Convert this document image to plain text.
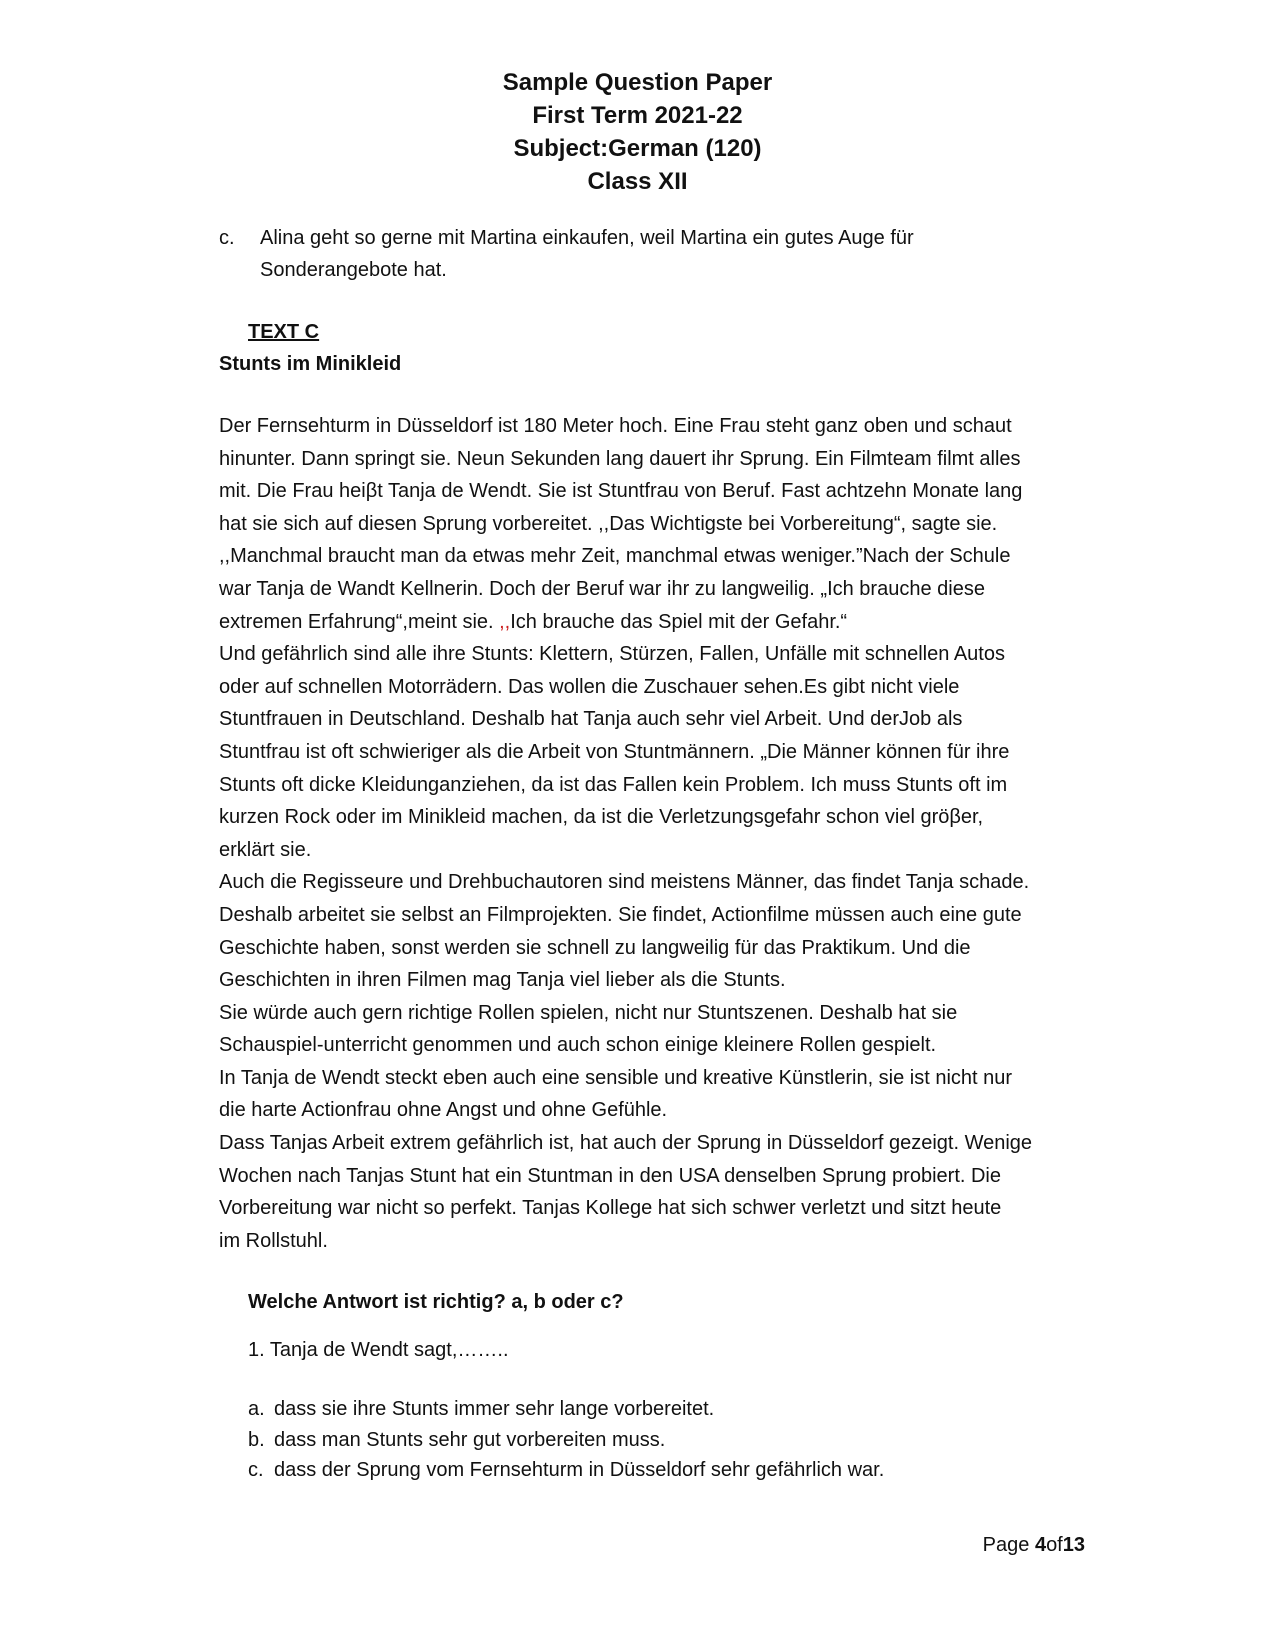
Sample Question Paper
First Term 2021-22
Subject:German (120)
Class XII
c. Alina geht so gerne mit Martina einkaufen, weil Martina ein gutes Auge für
Sonderangebote hat.
TEXT C
Stunts im Minikleid

Der Fernsehturm in Düsseldorf ist 180 Meter hoch. Eine Frau steht ganz oben und schaut

hinunter. Dann springt sie. Neun Sekunden lang dauert ihr Sprung. Ein Filmteam filmt alles

mit. Die Frau heiβt Tanja de Wendt. Sie ist Stuntfrau von Beruf. Fast achtzehn Monate lang

hat sie sich auf diesen Sprung vorbereitet. ,,Das Wichtigste bei Vorbereitung“, sagte sie.

,,Manchmal braucht man da etwas mehr Zeit, manchmal etwas weniger.”Nach der Schule

war Tanja de Wandt Kellnerin. Doch der Beruf war ihr zu langweilig. „Ich brauche diese

extremen Erfahrung“,meint sie. ,,Ich brauche das Spiel mit der Gefahr.“

Und gefährlich sind alle ihre Stunts: Klettern, Stürzen, Fallen, Unfälle mit schnellen Autos

oder auf schnellen Motorrädern. Das wollen die Zuschauer sehen.Es gibt nicht viele

Stuntfrauen in Deutschland. Deshalb hat Tanja auch sehr viel Arbeit. Und derJob als

Stuntfrau ist oft schwieriger als die Arbeit von Stuntmännern. „Die Männer können für ihre

Stunts oft dicke Kleidunganziehen, da ist das Fallen kein Problem. Ich muss Stunts oft im

kurzen Rock oder im Minikleid machen, da ist die Verletzungsgefahr schon viel gröβer,

erklärt sie.

Auch die Regisseure und Drehbuchautoren sind meistens Männer, das findet Tanja schade.

Deshalb arbeitet sie selbst an Filmprojekten. Sie findet, Actionfilme müssen auch eine gute

Geschichte haben, sonst werden sie schnell zu langweilig für das Praktikum. Und die

Geschichten in ihren Filmen mag Tanja viel lieber als die Stunts.

Sie würde auch gern richtige Rollen spielen, nicht nur Stuntszenen. Deshalb hat sie

Schauspiel-unterricht genommen und auch schon einige kleinere Rollen gespielt.

In Tanja de Wendt steckt eben auch eine sensible und kreative Künstlerin, sie ist nicht nur

die harte Actionfrau ohne Angst und ohne Gefühle.

Dass Tanjas Arbeit extrem gefährlich ist, hat auch der Sprung in Düsseldorf gezeigt. Wenige

Wochen nach Tanjas Stunt hat ein Stuntman in den USA denselben Sprung probiert. Die

Vorbereitung war nicht so perfekt. Tanjas Kollege hat sich schwer verletzt und sitzt heute

im Rollstuhl.

Welche Antwort ist richtig? a, b oder c?
1. Tanja de Wendt sagt,……..
a. dass sie ihre Stunts immer sehr lange vorbereitet.
b. dass man Stunts sehr gut vorbereiten muss.
c. dass der Sprung vom Fernsehturm in Düsseldorf sehr gefährlich war.
Page 4of13
